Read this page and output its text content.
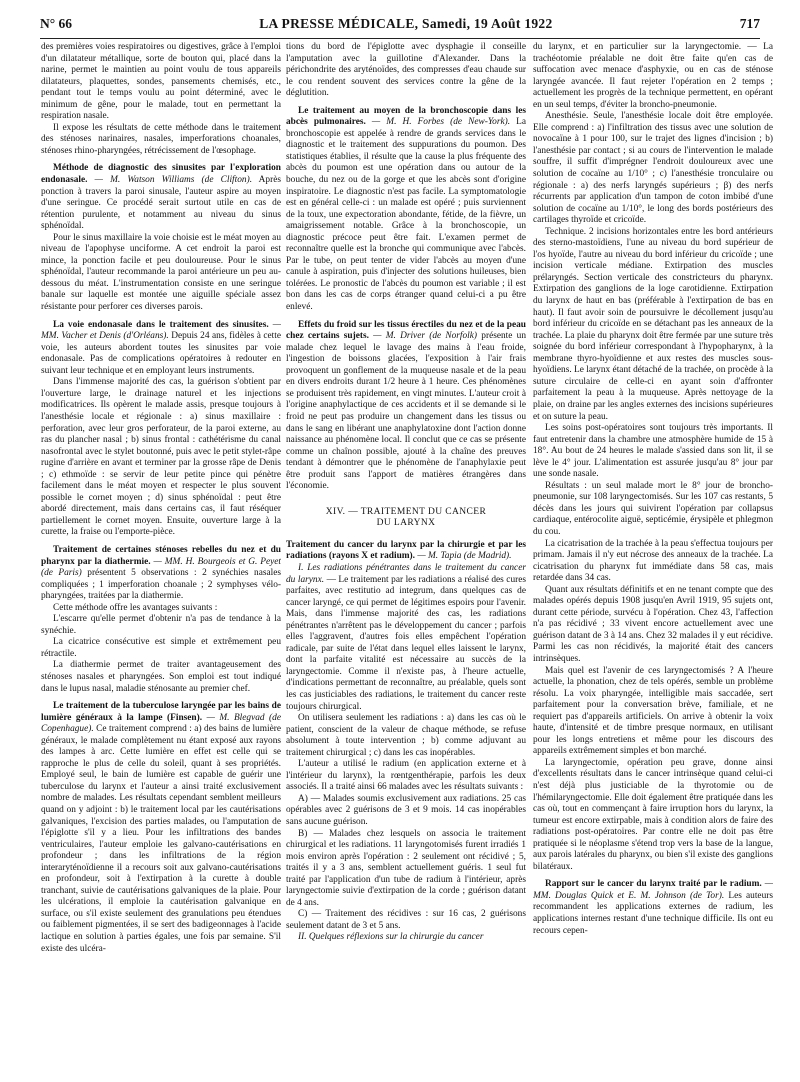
N° 66	LA PRESSE MÉDICALE, Samedi, 19 Août 1922	717

des premières voies respiratoires ou digestives, grâce à l'emploi d'un dilatateur métallique, sorte de bouton qui, placé dans la narine, permet le maintien au point voulu de tous appareils dilatateurs, plaquettes, sondes, pansements chemisés, etc., pendant tout le temps voulu au point déterminé, avec le minimum de gêne, pour le malade, tout en permettant la respiration nasale.

Il expose les résultats de cette méthode dans le traitement des sténoses narinaires, nasales, imperforations choanales, sténoses rhino-pharyngées, rétrécissement de l'œsophage.

Méthode de diagnostic des sinusites par l'exploration endonasale. — M. Watson Williams (de Clifton). Après ponction à travers la paroi sinusale, l'auteur aspire au moyen d'une seringue. Ce procédé serait surtout utile en cas de rétention purulente, et notamment au niveau du sinus sphénoïdal.

Pour le sinus maxillaire la voie choisie est le méat moyen au niveau de l'apophyse unciforme. A cet endroit la paroi est mince, la ponction facile et peu douloureuse. Pour le sinus sphénoïdal, l'auteur recommande la paroi antérieure un peu au-dessous du méat. L'instrumentation consiste en une seringue banale sur laquelle est montée une aiguille spéciale assez résistante pour perforer ces diverses parois.

La voie endonasale dans le traitement des sinusites. — MM. Vacher et Denis (d'Orléans). Depuis 24 ans, fidèles à cette voie, les auteurs abordent toutes les sinusites par voie endonasale. Pas de complications opératoires à redouter en suivant leur technique et en employant leurs instruments.

Dans l'immense majorité des cas, la guérison s'obtient par l'ouverture large, le drainage naturel et les injections modificatrices. Ils opèrent le malade assis, presque toujours à l'anesthésie locale et régionale : a) sinus maxillaire : perforation, avec leur gros perforateur, de la paroi externe, au ras du plancher nasal ; b) sinus frontal : cathétérisme du canal nasofrontal avec le stylet boutonné, puis avec le petit stylet-râpe rugine d'arrière en avant et terminer par la grosse râpe de Denis ; c) ethmoïde : se servir de leur petite pince qui pénètre facilement dans le méat moyen et respecter le plus souvent possible le cornet moyen ; d) sinus sphénoïdal : peut être abordé directement, mais dans certains cas, il faut réséquer partiellement le cornet moyen. Ensuite, ouverture large à la curette, la fraise ou l'emporte-pièce.

Traitement de certaines sténoses rebelles du nez et du pharynx par la diathermie. — MM. H. Bourgeois et G. Peyet (de Paris) présentent 5 observations : 2 synéchies nasales compliquées ; 1 imperforation choanale ; 2 symphyses vélo-pharyngées, traitées par la diathermie.

Cette méthode offre les avantages suivants :

L'escarre qu'elle permet d'obtenir n'a pas de tendance à la synéchie.

La cicatrice consécutive est simple et extrêmement peu rétractile.

La diathermie permet de traiter avantageusement des sténoses nasales et pharyngées. Son emploi est tout indiqué dans le lupus nasal, maladie sténosante au premier chef.

Le traitement de la tuberculose laryngée par les bains de lumière généraux à la lampe (Finsen). — M. Blegvad (de Copenhague). Ce traitement comprend : a) des bains de lumière généraux, le malade complètement nu étant exposé aux rayons des lampes à arc. Cette lumière en effet est celle qui se rapproche le plus de celle du soleil, quant à ses propriétés. Employé seul, le bain de lumière est capable de guérir une tuberculose du larynx et l'auteur a ainsi traité exclusivement nombre de malades. Les résultats cependant semblent meilleurs quand on y adjoint : b) le traitement local par les cautérisations galvaniques, l'excision des parties malades, ou l'amputation de l'épiglotte s'il y a lieu. Pour les infiltrations des bandes ventriculaires, l'auteur emploie les galvano-cautérisations en profondeur ; dans les infiltrations de la région interaryténoïdienne il a recours soit aux galvano-cautérisations en profondeur, soit à l'extirpation à la curette à double tranchant, suivie de cautérisations galvaniques de la plaie. Pour les ulcérations, il emploie la cautérisation galvanique en surface, ou s'il existe seulement des granulations peu étendues ou faiblement pigmentées, il se sert des badigeonnages à l'acide lactique en solution à parties égales, une fois par semaine. S'il existe des ulcéra-

tions du bord de l'épiglotte avec dysphagie il conseille l'amputation avec la guillotine d'Alexander. Dans la périchondrite des aryténoïdes, des compresses d'eau chaude sur le cou rendent souvent des services contre la gêne de la déglutition.

Le traitement au moyen de la bronchoscopie dans les abcès pulmonaires. — M. H. Forbes (de New-York). La bronchoscopie est appelée à rendre de grands services dans le diagnostic et le traitement des suppurations du poumon. Des statistiques établies, il résulte que la cause la plus fréquente des abcès du poumon est une opération dans ou autour de la bouche, du nez ou de la gorge et que les abcès sont d'origine inspiratoire. Le diagnostic n'est pas facile. La symptomatologie est en général celle-ci : un malade est opéré ; puis surviennent de la toux, une expectoration abondante, fétide, de la fièvre, un amaigrissement notable. Grâce à la bronchoscopie, un diagnostic précoce peut être fait. L'examen permet de reconnaître quelle est la bronche qui communique avec l'abcès. Par le tube, on peut tenter de vider l'abcès au moyen d'une canule à aspiration, puis d'injecter des solutions huileuses, bien tolérées. Le pronostic de l'abcès du poumon est variable ; il est bon dans les cas de corps étranger quand celui-ci a pu être enlevé.

Effets du froid sur les tissus érectiles du nez et de la peau chez certains sujets. — M. Driver (de Norfolk) présente un malade chez lequel le lavage des mains à l'eau froide, l'ingestion de boissons glacées, l'exposition à l'air frais provoquent un gonflement de la muqueuse nasale et de la peau en divers endroits durant 1/2 heure à 1 heure. Ces phénomènes se produisent très rapidement, en vingt minutes. L'auteur croit à l'origine anaphylactique de ces accidents et il se demande si le froid ne peut pas produire un changement dans les tissus ou dans le sang en libérant une anaphylatoxine dont l'action donne naissance au phénomène local. Il conclut que ce cas se présente comme un chaînon possible, ajouté à la chaîne des preuves tendant à démontrer que le phénomène de l'anaphylaxie peut être produit sans l'apport de matières étrangères dans l'économie.

XIV. — TRAITEMENT DU CANCER
DU LARYNX

Traitement du cancer du larynx par la chirurgie et par les radiations (rayons X et radium). — M. Tapia (de Madrid).

I. Les radiations pénétrantes dans le traitement du cancer du larynx. — Le traitement par les radiations a réalisé des cures parfaites, avec restitutio ad integrum, dans quelques cas de cancer laryngé, ce qui permet de légitimes espoirs pour l'avenir. Mais, dans l'immense majorité des cas, les radiations pénétrantes n'arrêtent pas le développement du cancer ; parfois elles l'aggravent, d'autres fois elles empêchent l'opération radicale, par suite de l'état dans lequel elles laissent le larynx, dont la parfaite vitalité est nécessaire au succès de la laryngectomie. Comme il n'existe pas, à l'heure actuelle, d'indications permettant de reconnaître, au préalable, quels sont les cas justiciables des radiations, le traitement du cancer reste toujours chirurgical.

On utilisera seulement les radiations : a) dans les cas où le patient, conscient de la valeur de chaque méthode, se refuse absolument à toute intervention ; b) comme adjuvant au traitement chirurgical ; c) dans les cas inopérables.

L'auteur a utilisé le radium (en application externe et à l'intérieur du larynx), la rœntgenthérapie, parfois les deux associés. Il a traité ainsi 66 malades avec les résultats suivants :

A) — Malades soumis exclusivement aux radiations. 25 cas opérables avec 2 guérisons de 3 et 9 mois. 14 cas inopérables sans aucune guérison.

B) — Malades chez lesquels on associa le traitement chirurgical et les radiations. 11 laryngotomisés furent irradiés 1 mois environ après l'opération : 2 seulement ont récidivé ; 5, traités il y a 3 ans, semblent actuellement guéris. 1 seul fut traité par l'application d'un tube de radium à l'intérieur, après laryngectomie suivie d'extirpation de la corde ; guérison datant de 4 ans.

C) — Traitement des récidives : sur 16 cas, 2 guérisons seulement datant de 3 et 5 ans.

II. Quelques réflexions sur la chirurgie du cancer

du larynx, et en particulier sur la laryngectomie. — La trachéotomie préalable ne doit être faite qu'en cas de suffocation avec menace d'asphyxie, ou en cas de sténose laryngée avancée. Il faut rejeter l'opération en 2 temps ; actuellement les progrès de la technique permettent, en opérant en un seul temps, d'éviter la broncho-pneumonie.

Anesthésie. Seule, l'anesthésie locale doit être employée. Elle comprend : a) l'infiltration des tissus avec une solution de novocaïne à 1 pour 100, sur le trajet des lignes d'incision ; b) l'anesthésie par contact ; si au cours de l'intervention le malade souffre, il suffit d'imprégner l'endroit douloureux avec une solution de cocaïne au 1/10° ; c) l'anesthésie tronculaire ou régionale : a) des nerfs laryngés supérieurs ; β) des nerfs récurrents par application d'un tampon de coton imbibé d'une solution de cocaïne au 1/10°, le long des bords postérieurs des cartilages thyroïde et cricoïde.

Technique. 2 incisions horizontales entre les bord antérieurs des sterno-mastoïdiens, l'une au niveau du bord supérieur de l'os hyoïde, l'autre au niveau du bord inférieur du cricoïde ; une incision verticale médiane. Extirpation des muscles prélaryngés. Section verticale des constricteurs du pharynx. Extirpation des ganglions de la loge carotidienne. Extirpation du larynx de haut en bas (préférable à l'extirpation de bas en haut). Il faut avoir soin de poursuivre le décollement jusqu'au bord inférieur du cricoïde en se détachant pas les anneaux de la trachée. La plaie du pharynx doit être fermée par une suture très soignée du bord inférieur correspondant à l'hypopharynx, à la membrane thyro-hyoïdienne et aux restes des muscles sous-hyoïdiens. Le larynx étant détaché de la trachée, on procède à la suture circulaire de celle-ci en ayant soin d'affronter parfaitement la peau à la muqueuse. Après nettoyage de la plaie, on draine par les angles externes des incisions supérieures et on suture la peau.

Les soins post-opératoires sont toujours très importants. Il faut entretenir dans la chambre une atmosphère humide de 15 à 18°. Au bout de 24 heures le malade s'assied dans son lit, il se lève le 4° jour. L'alimentation est assurée jusqu'au 8° jour par une sonde nasale.

Résultats : un seul malade mort le 8° jour de broncho-pneumonie, sur 108 laryngectomisés. Sur les 107 cas restants, 5 décès dans les jours qui suivirent l'opération par collapsus cardiaque, entérocolite aiguë, septicémie, érysipèle et phlegmon du cou.

La cicatrisation de la trachée à la peau s'effectua toujours per primam. Jamais il n'y eut nécrose des anneaux de la trachée. La cicatrisation du pharynx fut immédiate dans 58 cas, mais retardée dans 34 cas.

Quant aux résultats définitifs et en ne tenant compte que des malades opérés depuis 1908 jusqu'en Avril 1919, 95 sujets ont, durant cette période, survécu à l'opération. Chez 43, l'affection n'a pas récidivé ; 33 vivent encore actuellement avec une guérison datant de 3 à 14 ans. Chez 32 malades il y eut récidive. Parmi les cas non récidivés, la majorité était des cancers intrinsèques.

Mais quel est l'avenir de ces laryngectomisés ? A l'heure actuelle, la phonation, chez de tels opérés, semble un problème résolu. La voix pharyngée, intelligible mais saccadée, sert parfaitement pour la conversation brève, familiale, et ne requiert pas d'appareils artificiels. On arrive à obtenir la voix haute, d'intensité et de timbre presque normaux, en utilisant pour les longs entretiens et même pour les discours des appareils extrêmement simples et bon marché.

La laryngectomie, opération peu grave, donne ainsi d'excellents résultats dans le cancer intrinsèque quand celui-ci n'est déjà plus justiciable de la thyrotomie ou de l'hémilaryngectomie. Elle doit également être pratiquée dans les cas où, tout en commençant à faire irruption hors du larynx, la tumeur est encore extirpable, mais à condition alors de faire des radiations post-opératoires. Par contre elle ne doit pas être pratiquée si le néoplasme s'étend trop vers la base de la langue, aux parois latérales du pharynx, ou bien s'il existe des ganglions bilatéraux.

Rapport sur le cancer du larynx traité par le radium. — MM. Douglas Quick et E. M. Johnson (de Tor). Les auteurs recommandent les applications externes de radium, les applications internes restant d'une technique difficile. Ils ont eu recours cepen-
